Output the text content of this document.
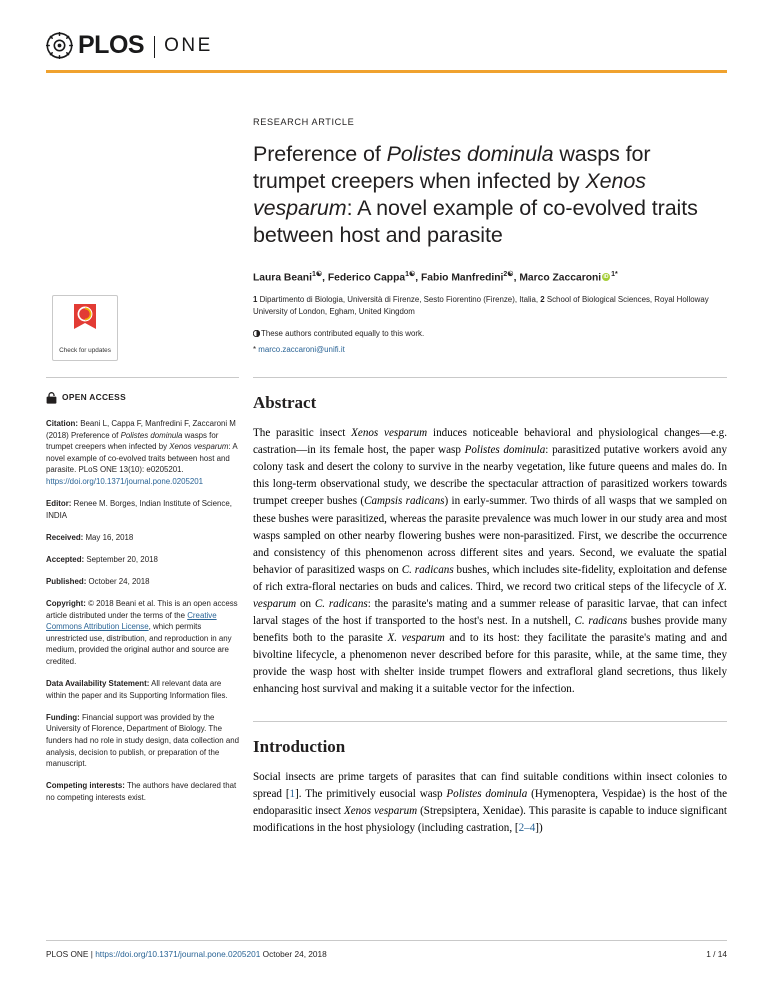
PLOS ONE
Check for updates
OPEN ACCESS
Citation: Beani L, Cappa F, Manfredini F, Zaccaroni M (2018) Preference of Polistes dominula wasps for trumpet creepers when infected by Xenos vesparum: A novel example of co-evolved traits between host and parasite. PLoS ONE 13(10): e0205201. https://doi.org/10.1371/journal.pone.0205201
Editor: Renee M. Borges, Indian Institute of Science, INDIA
Received: May 16, 2018
Accepted: September 20, 2018
Published: October 24, 2018
Copyright: © 2018 Beani et al. This is an open access article distributed under the terms of the Creative Commons Attribution License, which permits unrestricted use, distribution, and reproduction in any medium, provided the original author and source are credited.
Data Availability Statement: All relevant data are within the paper and its Supporting Information files.
Funding: Financial support was provided by the University of Florence, Department of Biology. The funders had no role in study design, data collection and analysis, decision to publish, or preparation of the manuscript.
Competing interests: The authors have declared that no competing interests exist.
RESEARCH ARTICLE
Preference of Polistes dominula wasps for trumpet creepers when infected by Xenos vesparum: A novel example of co-evolved traits between host and parasite
Laura Beani$^{1☯}$, Federico Cappa$^{1☯}$, Fabio Manfredini$^{2☯}$, Marco Zaccaroni iD $^{1*}$
1 Dipartimento di Biologia, Università di Firenze, Sesto Fiorentino (Firenze), Italia, 2 School of Biological Sciences, Royal Holloway University of London, Egham, United Kingdom
These authors contributed equally to this work.
* marco.zaccaroni@unifi.it
Abstract

The parasitic insect Xenos vesparum induces noticeable behavioral and physiological changes—e.g. castration—in its female host, the paper wasp Polistes dominula: parasitized putative workers avoid any colony task and desert the colony to survive in the nearby vegetation, like future queens and males do. In this long-term observational study, we describe the spectacular attraction of parasitized workers towards trumpet creeper bushes (Campsis radicans) in early-summer. Two thirds of all wasps that we sampled on these bushes were parasitized, whereas the parasite prevalence was much lower in our study area and most wasps sampled on other nearby flowering bushes were non-parasitized. First, we describe the occurrence and consistency of this phenomenon across different sites and years. Second, we evaluate the spatial behavior of parasitized wasps on C. radicans bushes, which includes site-fidelity, exploitation and defense of rich extra-floral nectaries on buds and calices. Third, we record two critical steps of the lifecycle of X. vesparum on C. radicans: the parasite's mating and a summer release of parasitic larvae, that can infect larval stages of the host if transported to the host's nest. In a nutshell, C. radicans bushes provide many benefits both to the parasite X. vesparum and to its host: they facilitate the parasite's mating and and bivoltine lifecycle, a phenomenon never described before for this parasite, while, at the same time, they provide the wasp host with shelter inside trumpet flowers and extrafloral gland secretions, thus likely enhancing host survival and making it a suitable vector for the infection.

Introduction

Social insects are prime targets of parasites that can find suitable conditions within insect colonies to spread [1]. The primitively eusocial wasp Polistes dominula (Hymenoptera, Vespidae) is the host of the endoparasitic insect Xenos vesparum (Strepsiptera, Xenidae). This parasite is capable to induce significant modifications in the host physiology (including castration, [2–4])

PLOS ONE | https://doi.org/10.1371/journal.pone.0205201 October 24, 2018	1 / 14
